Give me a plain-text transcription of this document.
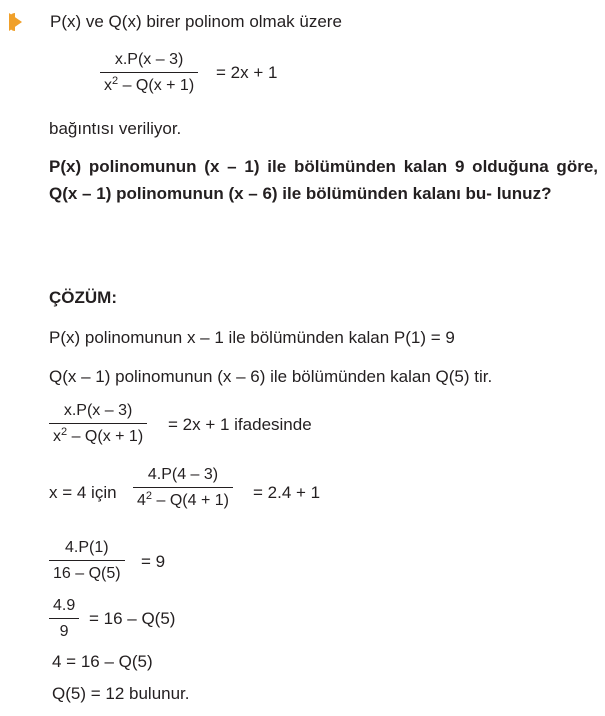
P(x) ve Q(x) birer polinom olmak üzere
x.P(x – 3)
$x^2 - Q(x + 1)$
= 2x + 1
bağıntısı veriliyor.
P(x) polinomunun (x – 1) ile bölümünden kalan 9 olduğuna göre, Q(x – 1) polinomunun (x – 6) ile bölümünden kalanı bu- lunuz?
ÇÖZÜM:
P(x) polinomunun x – 1 ile bölümünden kalan P(1) = 9
Q(x – 1) polinomunun (x – 6) ile bölümünden kalan Q(5) tir.
x.P(x – 3)
$x^2 - Q(x + 1)$
= 2x + 1 ifadesinde
x = 4 için
4.P(4 – 3)
$4^2 - Q(4 + 1) = 2.4 + 1$
4.P(1)
16 – Q(5)
= 9
4.9
9
= 16 – Q(5)
4 = 16 – Q(5)
Q(5) = 12 bulunur.
